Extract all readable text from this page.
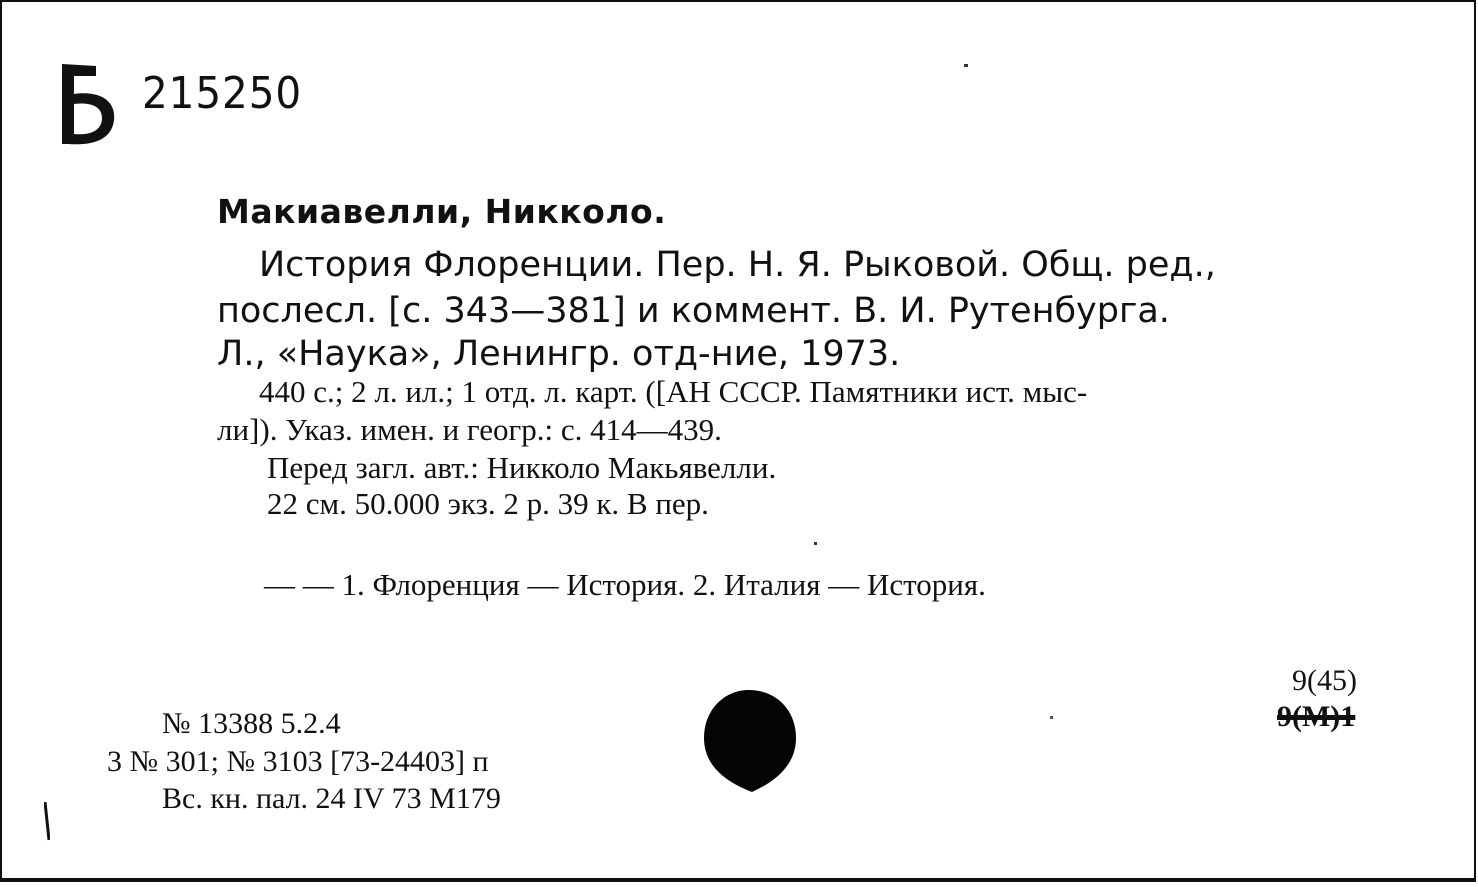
215250
Макиавелли, Никколо.
История Флоренции. Пер. Н. Я. Рыковой. Общ. ред.,
послесл. [с. 343—381] и коммент. В. И. Рутенбурга.
Л., «Наука», Ленингр. отд-ние, 1973.
440 с.; 2 л. ил.; 1 отд. л. карт. ([АН СССР. Памятники ист. мыс-
ли]). Указ. имен. и геогр.: с. 414—439.
Перед загл. авт.: Никколо Макьявелли.
22 см. 50.000 экз. 2 р. 39 к. В пер.
— — 1. Флоренция — История. 2. Италия — История.
№ 13388 5.2.4
3 № 301; № 3103 [73-24403] п
Вс. кн. пал. 24 IV 73 М179
9(45)
9(M)1
